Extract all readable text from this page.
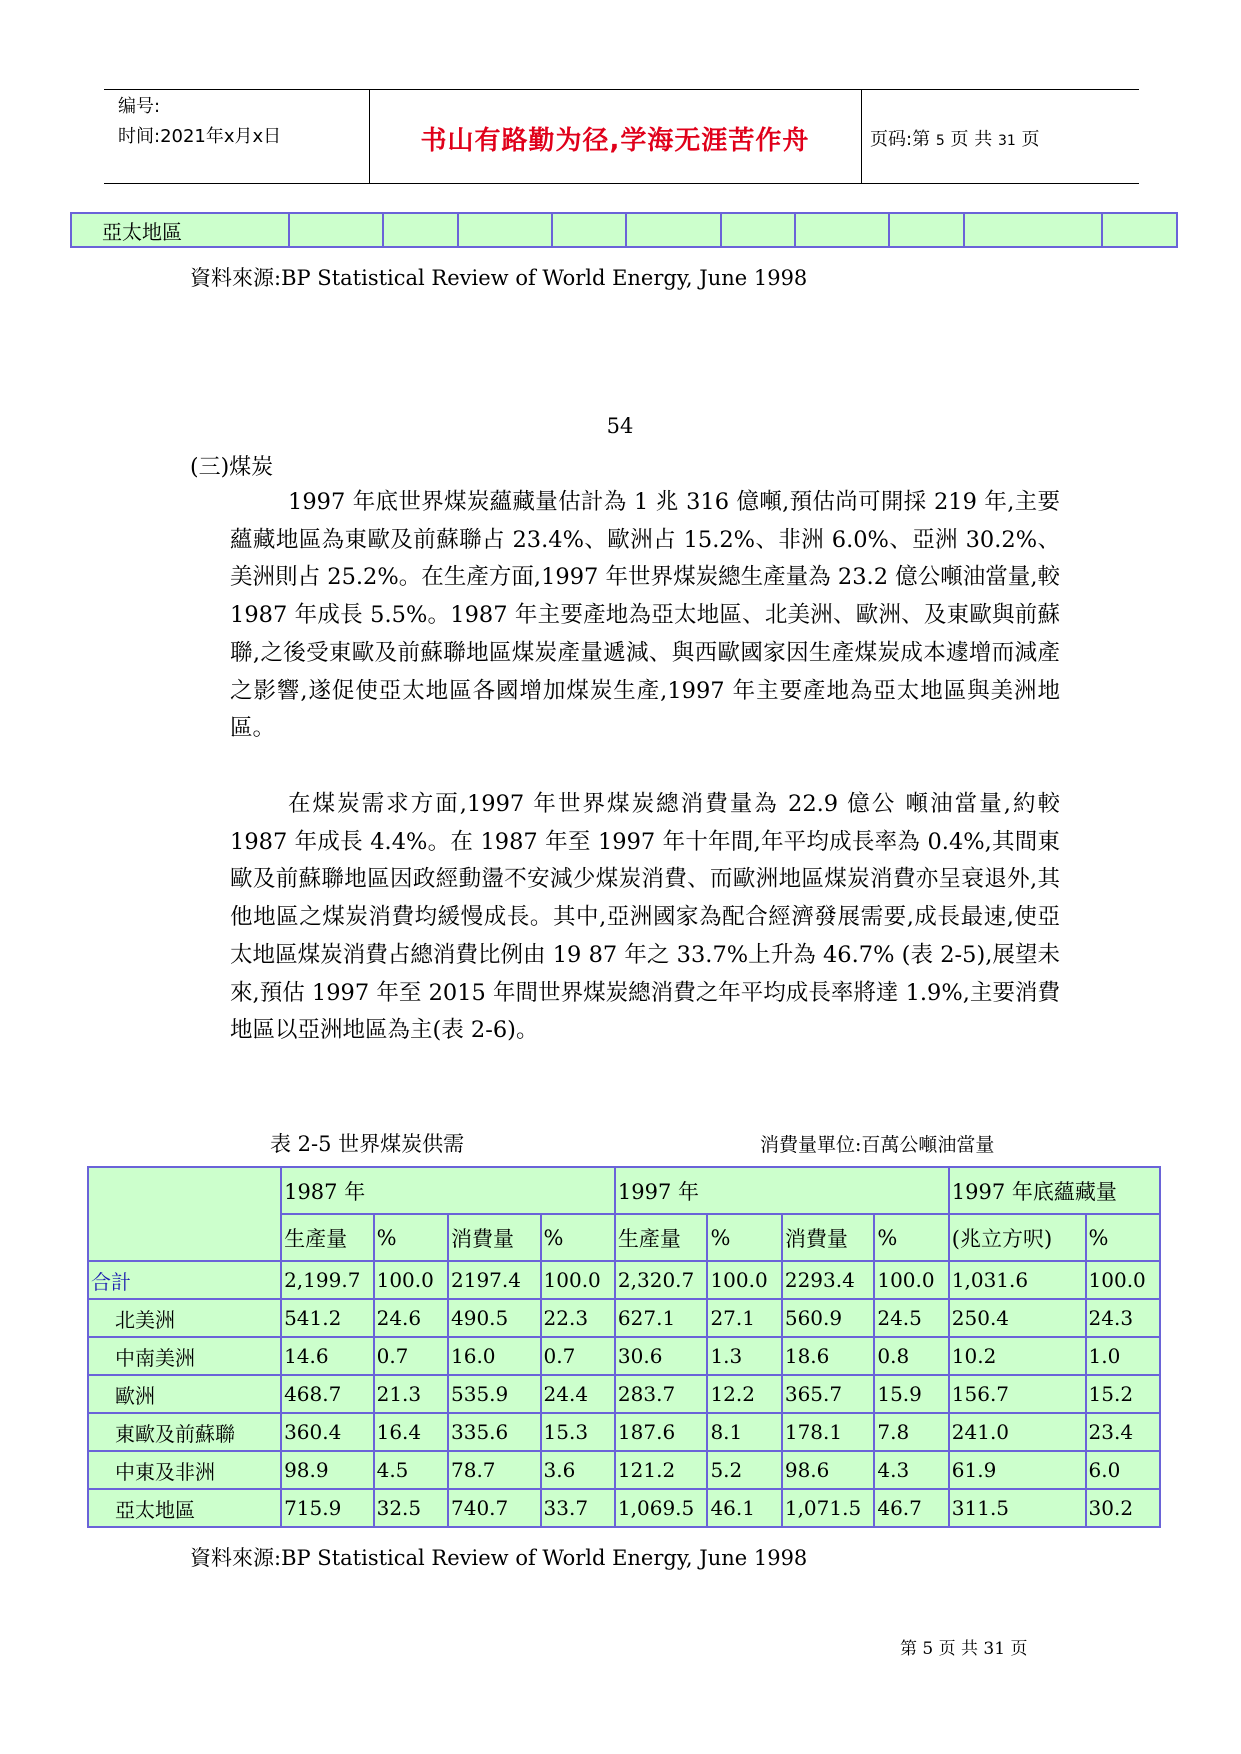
编号:
时间:2021年x月x日	书山有路勤为径,学海无涯苦作舟	页码:第 5 页 共 31 页
亞太地區										
資料來源:BP Statistical Review of World Energy, June 1998
54
(三)煤炭

1997 年底世界煤炭蘊藏量估計為 1 兆 316 億噸,預估尚可開採 219 年,主要蘊藏地區為東歐及前蘇聯占 23.4%、歐洲占 15.2%、非洲 6.0%、亞洲 30.2%、美洲則占 25.2%。在生產方面,1997 年世界煤炭總生產量為 23.2 億公噸油當量,較 1987 年成長 5.5%。1987 年主要產地為亞太地區、北美洲、歐洲、及東歐與前蘇聯,之後受東歐及前蘇聯地區煤炭產量遞減、與西歐國家因生產煤炭成本遽增而減產之影響,遂促使亞太地區各國增加煤炭生產,1997 年主要產地為亞太地區與美洲地區。

在煤炭需求方面,1997 年世界煤炭總消費量為 22.9 億公 噸油當量,約較 1987 年成長 4.4%。在 1987 年至 1997 年十年間,年平均成長率為 0.4%,其間東歐及前蘇聯地區因政經動盪不安減少煤炭消費、而歐洲地區煤炭消費亦呈衰退外,其他地區之煤炭消費均緩慢成長。其中,亞洲國家為配合經濟發展需要,成長最速,使亞太地區煤炭消費占總消費比例由 19 87 年之 33.7%上升為 46.7% (表 2-5),展望未來,預估 1997 年至 2015 年間世界煤炭總消費之年平均成長率將達 1.9%,主要消費地區以亞洲地區為主(表 2-6)。

表 2-5 世界煤炭供需	消費量單位:百萬公噸油當量
	1987 年				1997 年				1997 年底蘊藏量	
	生產量	%	消費量	%	生產量	%	消費量	%	(兆立方呎)	%
合計	2,199.7	100.0	2197.4	100.0	2,320.7	100.0	2293.4	100.0	1,031.6	100.0
北美洲	541.2	24.6	490.5	22.3	627.1	27.1	560.9	24.5	250.4	24.3
中南美洲	14.6	0.7	16.0	0.7	30.6	1.3	18.6	0.8	10.2	1.0
歐洲	468.7	21.3	535.9	24.4	283.7	12.2	365.7	15.9	156.7	15.2
東歐及前蘇聯	360.4	16.4	335.6	15.3	187.6	8.1	178.1	7.8	241.0	23.4
中東及非洲	98.9	4.5	78.7	3.6	121.2	5.2	98.6	4.3	61.9	6.0
亞太地區	715.9	32.5	740.7	33.7	1,069.5	46.1	1,071.5	46.7	311.5	30.2
資料來源:BP Statistical Review of World Energy, June 1998
第 5 页 共 31 页
